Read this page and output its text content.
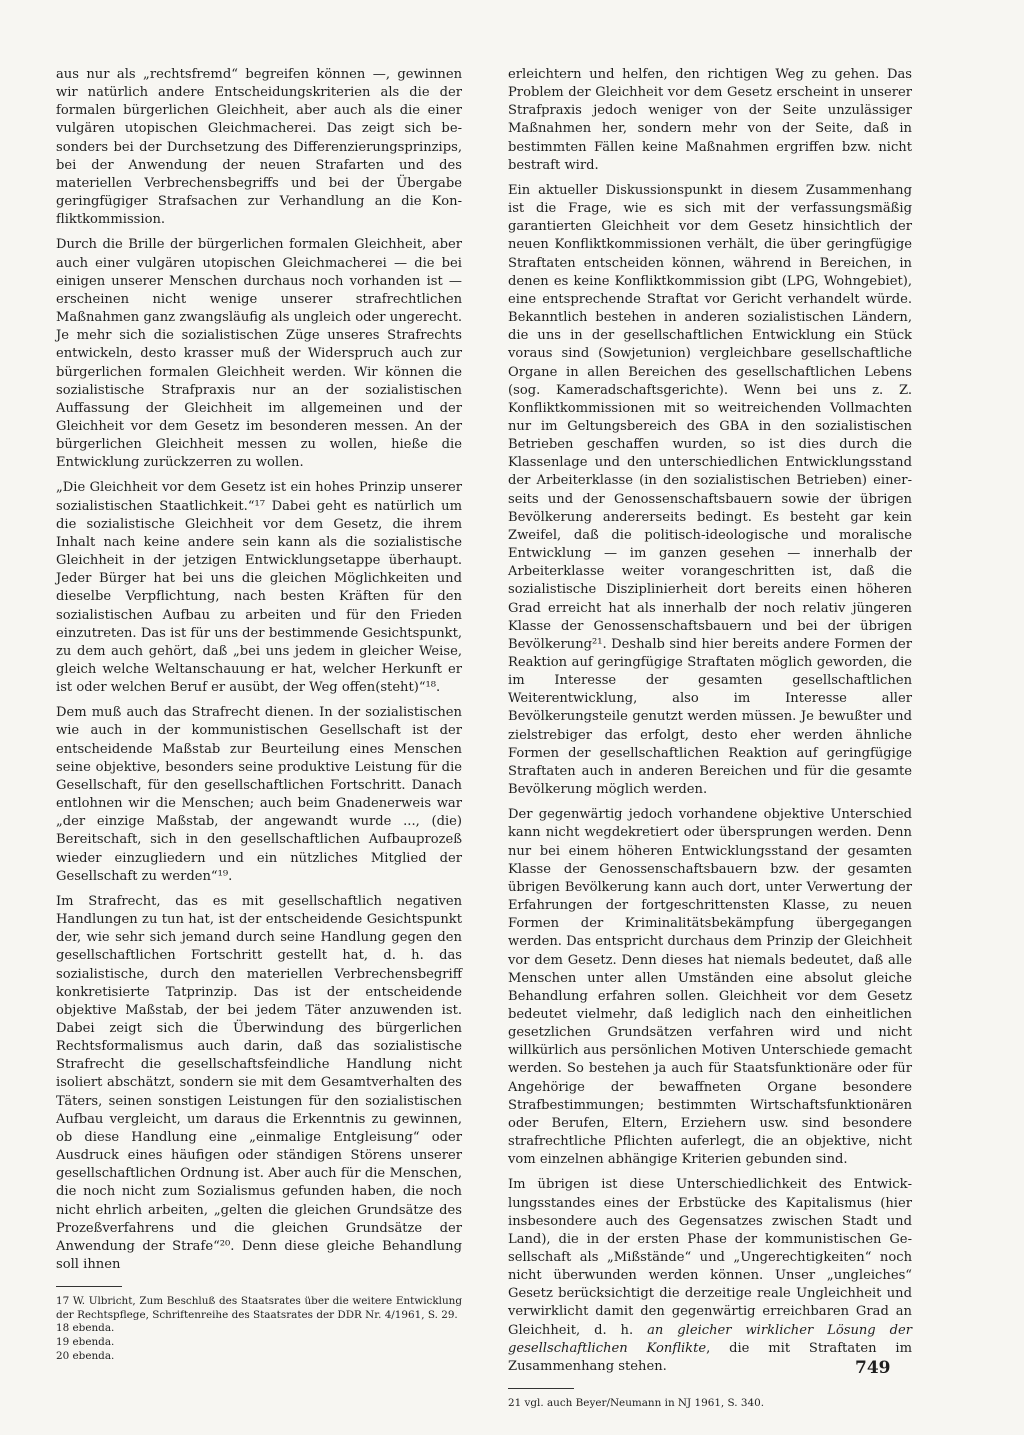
aus nur als „rechtsfremd“ begreifen können —, gewinnen wir natürlich andere Entscheidungskriterien als die der formalen bürgerlichen Gleichheit, aber auch als die einer vulgären utopischen Gleichmacherei. Das zeigt sich besonders bei der Durchsetzung des Differenzierungsprinzips, bei der Anwendung der neuen Strafarten und des materiellen Verbrechensbegriffs und bei der Übergabe geringfügiger Strafsachen zur Verhandlung an die Konfliktkommission.

Durch die Brille der bürgerlichen formalen Gleichheit, aber auch einer vulgären utopischen Gleichmacherei — die bei einigen unserer Menschen durchaus noch vorhanden ist — erscheinen nicht wenige unserer strafrechtlichen Maßnahmen ganz zwangsläufig als ungleich oder ungerecht. Je mehr sich die sozialistischen Züge unseres Strafrechts entwickeln, desto krasser muß der Widerspruch auch zur bürgerlichen formalen Gleichheit werden. Wir können die sozialistische Strafpraxis nur an der sozialistischen Auffassung der Gleichheit im allgemeinen und der Gleichheit vor dem Gesetz im besonderen messen. An der bürgerlichen Gleichheit messen zu wollen, hieße die Entwicklung zurückzerren zu wollen.

„Die Gleichheit vor dem Gesetz ist ein hohes Prinzip unserer sozialistischen Staatlichkeit.“¹⁷ Dabei geht es natürlich um die sozialistische Gleichheit vor dem Gesetz, die ihrem Inhalt nach keine andere sein kann als die sozialistische Gleichheit in der jetzigen Entwicklungsetappe überhaupt. Jeder Bürger hat bei uns die gleichen Möglichkeiten und dieselbe Verpflichtung, nach besten Kräften für den sozialistischen Aufbau zu arbeiten und für den Frieden einzutreten. Das ist für uns der bestimmende Gesichtspunkt, zu dem auch gehört, daß „bei uns jedem in gleicher Weise, gleich welche Weltanschauung er hat, welcher Herkunft er ist oder welchen Beruf er ausübt, der Weg offen(steht)“¹⁸.

Dem muß auch das Strafrecht dienen. In der sozialistischen wie auch in der kommunistischen Gesellschaft ist der entscheidende Maßstab zur Beurteilung eines Menschen seine objektive, besonders seine produktive Leistung für die Gesellschaft, für den gesellschaftlichen Fortschritt. Danach entlohnen wir die Menschen; auch beim Gnadenerweis war „der einzige Maßstab, der angewandt wurde ..., (die) Bereitschaft, sich in den gesellschaftlichen Aufbauprozeß wieder einzugliedern und ein nützliches Mitglied der Gesellschaft zu werden“¹⁹.

Im Strafrecht, das es mit gesellschaftlich negativen Handlungen zu tun hat, ist der entscheidende Gesichtspunkt der, wie sehr sich jemand durch seine Handlung gegen den gesellschaftlichen Fortschritt gestellt hat, d. h. das sozialistische, durch den materiellen Verbrechensbegriff konkretisierte Tatprinzip. Das ist der entscheidende objektive Maßstab, der bei jedem Täter anzuwenden ist. Dabei zeigt sich die Überwindung des bürgerlichen Rechtsformalismus auch darin, daß das sozialistische Strafrecht die gesellschaftsfeindliche Handlung nicht isoliert abschätzt, sondern sie mit dem Gesamtverhalten des Täters, seinen sonstigen Leistungen für den sozialistischen Aufbau vergleicht, um daraus die Erkenntnis zu gewinnen, ob diese Handlung eine „einmalige Entgleisung“ oder Ausdruck eines häufigen oder ständigen Störens unserer gesellschaftlichen Ordnung ist. Aber auch für die Menschen, die noch nicht zum Sozialismus gefunden haben, die noch nicht ehrlich arbeiten, „gelten die gleichen Grundsätze des Prozeßverfahrens und die gleichen Grundsätze der Anwendung der Strafe“²⁰. Denn diese gleiche Behandlung soll ihnen

17 W. Ulbricht, Zum Beschluß des Staatsrates über die weitere Entwicklung der Rechtspflege, Schriftenreihe des Staatsrates der DDR Nr. 4/1961, S. 29.

18 ebenda.

19 ebenda.

20 ebenda.

erleichtern und helfen, den richtigen Weg zu gehen. Das Problem der Gleichheit vor dem Gesetz erscheint in unserer Strafpraxis jedoch weniger von der Seite unzulässiger Maßnahmen her, sondern mehr von der Seite, daß in bestimmten Fällen keine Maßnahmen ergriffen bzw. nicht bestraft wird.

Ein aktueller Diskussionspunkt in diesem Zusammenhang ist die Frage, wie es sich mit der verfassungsmäßig garantierten Gleichheit vor dem Gesetz hinsichtlich der neuen Konfliktkommissionen verhält, die über geringfügige Straftaten entscheiden können, während in Bereichen, in denen es keine Konfliktkommission gibt (LPG, Wohngebiet), eine entsprechende Straftat vor Gericht verhandelt würde. Bekanntlich bestehen in anderen sozialistischen Ländern, die uns in der gesellschaftlichen Entwicklung ein Stück voraus sind (Sowjetunion) vergleichbare gesellschaftliche Organe in allen Bereichen des gesellschaftlichen Lebens (sog. Kameradschaftsgerichte). Wenn bei uns z. Z. Konfliktkommissionen mit so weitreichenden Vollmachten nur im Geltungsbereich des GBA in den sozialistischen Betrieben geschaffen wurden, so ist dies durch die Klassenlage und den unterschiedlichen Entwicklungsstand der Arbeiterklasse (in den sozialistischen Betrieben) einerseits und der Genossenschaftsbauern sowie der übrigen Bevölkerung andererseits bedingt. Es besteht gar kein Zweifel, daß die politisch-ideologische und moralische Entwicklung — im ganzen gesehen — innerhalb der Arbeiterklasse weiter vorangeschritten ist, daß die sozialistische Disziplinierheit dort bereits einen höheren Grad erreicht hat als innerhalb der noch relativ jüngeren Klasse der Genossenschaftsbauern und bei der übrigen Bevölkerung²¹. Deshalb sind hier bereits andere Formen der Reaktion auf geringfügige Straftaten möglich geworden, die im Interesse der gesamten gesellschaftlichen Weiterentwicklung, also im Interesse aller Bevölkerungsteile genutzt werden müssen. Je bewußter und zielstrebiger das erfolgt, desto eher werden ähnliche Formen der gesellschaftlichen Reaktion auf geringfügige Straftaten auch in anderen Bereichen und für die gesamte Bevölkerung möglich werden.

Der gegenwärtig jedoch vorhandene objektive Unterschied kann nicht wegdekretiert oder übersprungen werden. Denn nur bei einem höheren Entwicklungsstand der gesamten Klasse der Genossenschaftsbauern bzw. der gesamten übrigen Bevölkerung kann auch dort, unter Verwertung der Erfahrungen der fortgeschrittensten Klasse, zu neuen Formen der Kriminalitätsbekämpfung übergegangen werden. Das entspricht durchaus dem Prinzip der Gleichheit vor dem Gesetz. Denn dieses hat niemals bedeutet, daß alle Menschen unter allen Umständen eine absolut gleiche Behandlung erfahren sollen. Gleichheit vor dem Gesetz bedeutet vielmehr, daß lediglich nach den einheitlichen gesetzlichen Grundsätzen verfahren wird und nicht willkürlich aus persönlichen Motiven Unterschiede gemacht werden. So bestehen ja auch für Staatsfunktionäre oder für Angehörige der bewaffneten Organe besondere Strafbestimmungen; bestimmten Wirtschaftsfunktionären oder Berufen, Eltern, Erziehern usw. sind besondere strafrechtliche Pflichten auferlegt, die an objektive, nicht vom einzelnen abhängige Kriterien gebunden sind.

Im übrigen ist diese Unterschiedlichkeit des Entwicklungsstandes eines der Erbstücke des Kapitalismus (hier insbesondere auch des Gegensatzes zwischen Stadt und Land), die in der ersten Phase der kommunistischen Gesellschaft als „Mißstände“ und „Ungerechtigkeiten“ noch nicht überwunden werden können. Unser „ungleiches“ Gesetz berücksichtigt die derzeitige reale Ungleichheit und verwirklicht damit den gegenwärtig erreichbaren Grad an Gleichheit, d. h. an gleicher wirklicher Lösung der gesellschaftlichen Konflikte, die mit Straftaten im Zusammenhang stehen.

21 vgl. auch Beyer/Neumann in NJ 1961, S. 340.

749
